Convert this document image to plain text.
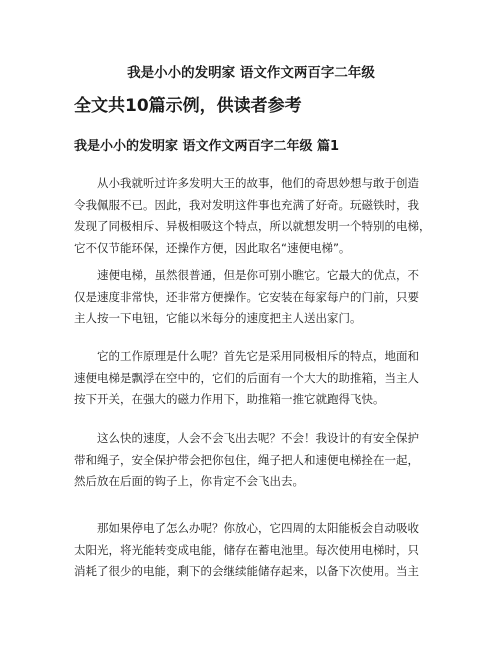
我是小小的发明家 语文作文两百字二年级
全文共10篇示例，供读者参考
我是小小的发明家 语文作文两百字二年级 篇1

从小我就听过许多发明大王的故事，他们的奇思妙想与敢于创造
令我佩服不已。因此，我对发明这件事也充满了好奇。玩磁铁时，我
发现了同极相斥、异极相吸这个特点，所以就想发明一个特别的电梯，
它不仅节能环保，还操作方便，因此取名“速便电梯”。

速便电梯，虽然很普通，但是你可别小瞧它。它最大的优点，不
仅是速度非常快，还非常方便操作。它安装在每家每户的门前，只要
主人按一下电钮，它能以米每分的速度把主人送出家门。

它的工作原理是什么呢？首先它是采用同极相斥的特点，地面和
速便电梯是飘浮在空中的，它们的后面有一个大大的助推箱，当主人
按下开关，在强大的磁力作用下，助推箱一推它就跑得飞快。

这么快的速度，人会不会飞出去呢？不会！我设计的有安全保护
带和绳子，安全保护带会把你包住，绳子把人和速便电梯拴在一起，
然后放在后面的钩子上，你肯定不会飞出去。

那如果停电了怎么办呢？你放心，它四周的太阳能板会自动吸收
太阳光，将光能转变成电能，储存在蓄电池里。每次使用电梯时，只
消耗了很少的电能，剩下的会继续能储存起来，以备下次使用。当主
